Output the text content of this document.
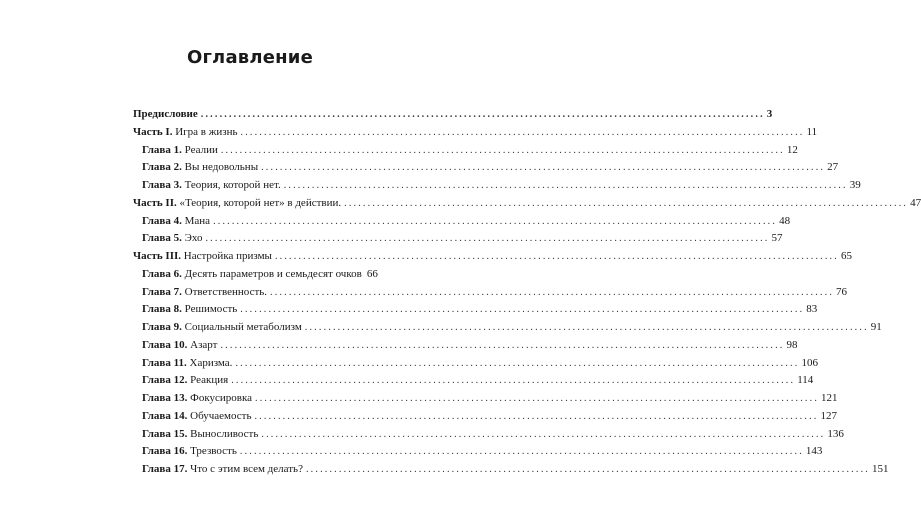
Оглавление
Предисловие ........................................................................................................................ 3
Часть I. Игра в жизнь ........................................................................................................................ 11
Глава 1. Реалии ........................................................................................................................ 12
Глава 2. Вы недовольны ........................................................................................................................ 27
Глава 3. Теория, которой нет. ........................................................................................................................ 39
Часть II. «Теория, которой нет» в действии. ........................................................................................................................ 47
Глава 4. Мана ........................................................................................................................ 48
Глава 5. Эхо ........................................................................................................................ 57
Часть III. Настройка призмы ........................................................................................................................ 65
Глава 6. Десять параметров и семьдесят очков 66
Глава 7. Ответственность. ........................................................................................................................ 76
Глава 8. Решимость ........................................................................................................................ 83
Глава 9. Социальный метаболизм ........................................................................................................................ 91
Глава 10. Азарт ........................................................................................................................ 98
Глава 11. Харизма. ........................................................................................................................ 106
Глава 12. Реакция ........................................................................................................................ 114
Глава 13. Фокусировка ........................................................................................................................ 121
Глава 14. Обучаемость ........................................................................................................................ 127
Глава 15. Выносливость ........................................................................................................................ 136
Глава 16. Трезвость ........................................................................................................................ 143
Глава 17. Что с этим всем делать? ........................................................................................................................ 151
